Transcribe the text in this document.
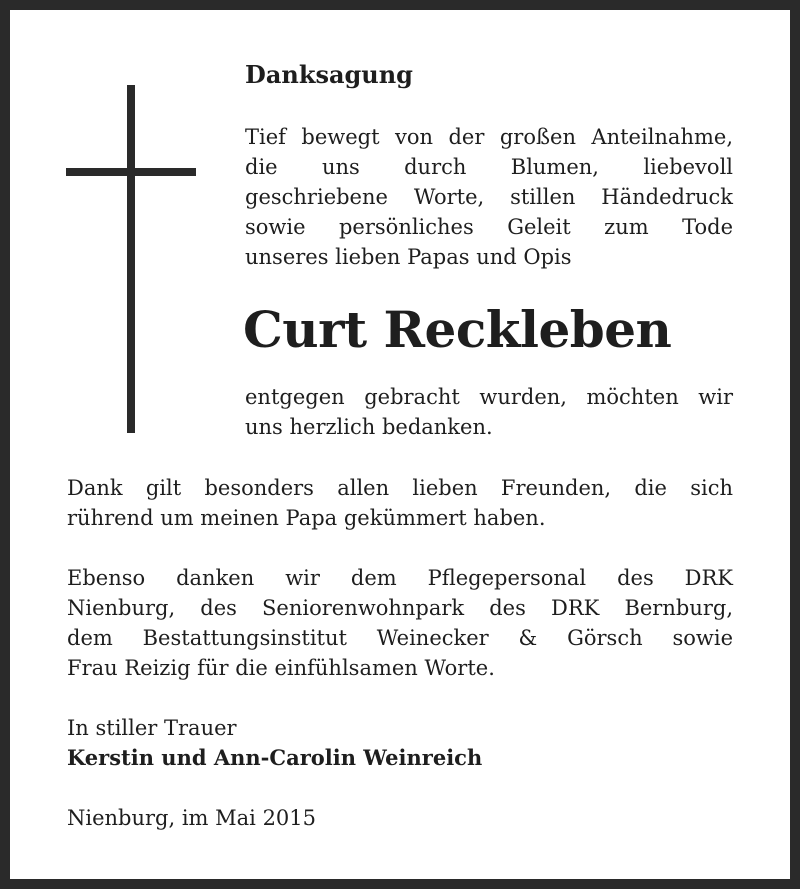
Danksagung
Tief bewegt von der großen Anteilnahme,
die uns durch Blumen, liebevoll
geschriebene Worte, stillen Händedruck
sowie persönliches Geleit zum Tode
unseres lieben Papas und Opis
Curt Reckleben
entgegen gebracht wurden, möchten wir
uns herzlich bedanken.
Dank gilt besonders allen lieben Freunden, die sich
rührend um meinen Papa gekümmert haben.
Ebenso danken wir dem Pflegepersonal des DRK
Nienburg, des Seniorenwohnpark des DRK Bernburg,
dem Bestattungsinstitut Weinecker & Görsch sowie
Frau Reizig für die einfühlsamen Worte.
In stiller Trauer
Kerstin und Ann-Carolin Weinreich
Nienburg, im Mai 2015
